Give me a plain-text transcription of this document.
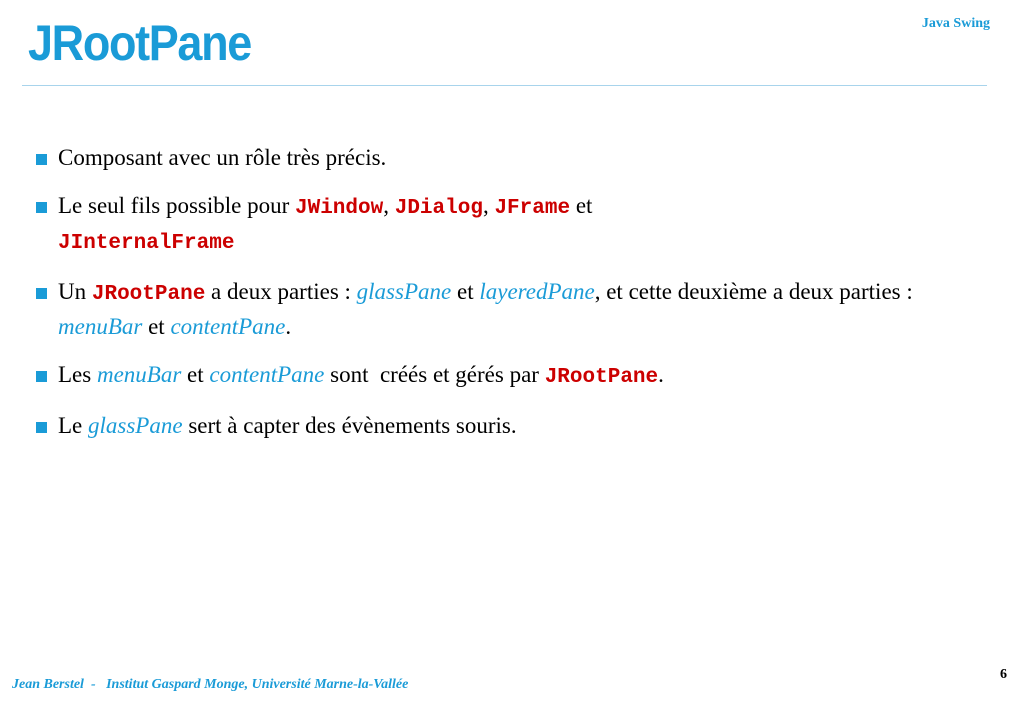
Java Swing
JRootPane
Composant avec un rôle très précis.
Le seul fils possible pour JWindow, JDialog, JFrame et
JInternalFrame
Un JRootPane a deux parties : glassPane et layeredPane, et cette deuxième a deux parties : menuBar et contentPane.
Les menuBar et contentPane sont  créés et gérés par JRootPane.
Le glassPane sert à capter des évènements souris.
Jean Berstel  -   Institut Gaspard Monge, Université Marne-la-Vallée
6
